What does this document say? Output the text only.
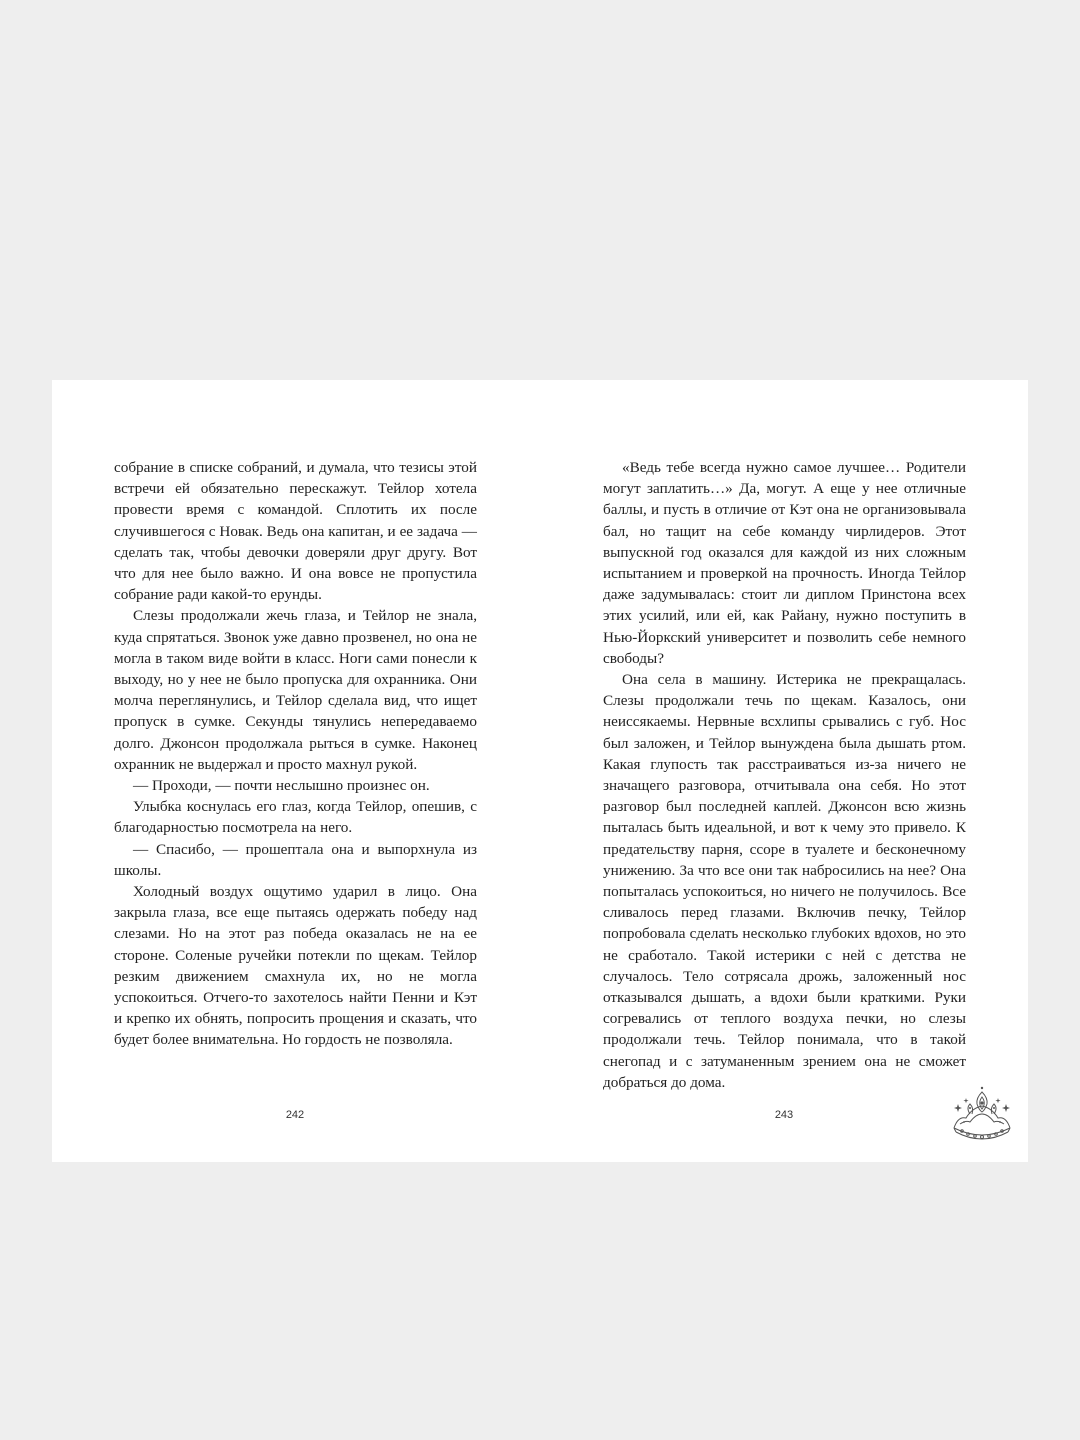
собрание в списке собраний, и думала, что тезисы этой встречи ей обязательно перескажут. Тейлор хотела провести время с командой. Сплотить их после случившегося с Новак. Ведь она капитан, и ее задача — сделать так, чтобы девочки доверяли друг другу. Вот что для нее было важно. И она вовсе не пропустила собрание ради какой-то ерунды.

Слезы продолжали жечь глаза, и Тейлор не знала, куда спрятаться. Звонок уже давно прозвенел, но она не могла в таком виде войти в класс. Ноги сами понесли к выходу, но у нее не было пропуска для охранника. Они молча переглянулись, и Тейлор сделала вид, что ищет пропуск в сумке. Секунды тянулись непередаваемо долго. Джонсон продолжала рыться в сумке. Наконец охранник не выдержал и просто махнул рукой.

— Проходи, — почти неслышно произнес он.

Улыбка коснулась его глаз, когда Тейлор, опешив, с благодарностью посмотрела на него.

— Спасибо, — прошептала она и выпорхнула из школы.

Холодный воздух ощутимо ударил в лицо. Она закрыла глаза, все еще пытаясь одержать победу над слезами. Но на этот раз победа оказалась не на ее стороне. Соленые ручейки потекли по щекам. Тейлор резким движением смахнула их, но не могла успокоиться. Отчего-то захотелось найти Пенни и Кэт и крепко их обнять, попросить прощения и сказать, что будет более внимательна. Но гордость не позволяла.

«Ведь тебе всегда нужно самое лучшее… Родители могут заплатить…» Да, могут. А еще у нее отличные баллы, и пусть в отличие от Кэт она не организовывала бал, но тащит на себе команду чирлидеров. Этот выпускной год оказался для каждой из них сложным испытанием и проверкой на прочность. Иногда Тейлор даже задумывалась: стоит ли диплом Принстона всех этих усилий, или ей, как Райану, нужно поступить в Нью-Йоркский университет и позволить себе немного свободы?

Она села в машину. Истерика не прекращалась. Слезы продолжали течь по щекам. Казалось, они неиссякаемы. Нервные всхлипы срывались с губ. Нос был заложен, и Тейлор вынуждена была дышать ртом. Какая глупость так расстраиваться из-за ничего не значащего разговора, отчитывала она себя. Но этот разговор был последней каплей. Джонсон всю жизнь пыталась быть идеальной, и вот к чему это привело. К предательству парня, ссоре в туалете и бесконечному унижению. За что все они так набросились на нее? Она попыталась успокоиться, но ничего не получилось. Все сливалось перед глазами. Включив печку, Тейлор попробовала сделать несколько глубоких вдохов, но это не сработало. Такой истерики с ней с детства не случалось. Тело сотрясала дрожь, заложенный нос отказывался дышать, а вдохи были краткими. Руки согревались от теплого воздуха печки, но слезы продолжали течь. Тейлор понимала, что в такой снегопад и с затуманенным зрением она не сможет добраться до дома.

242	243
